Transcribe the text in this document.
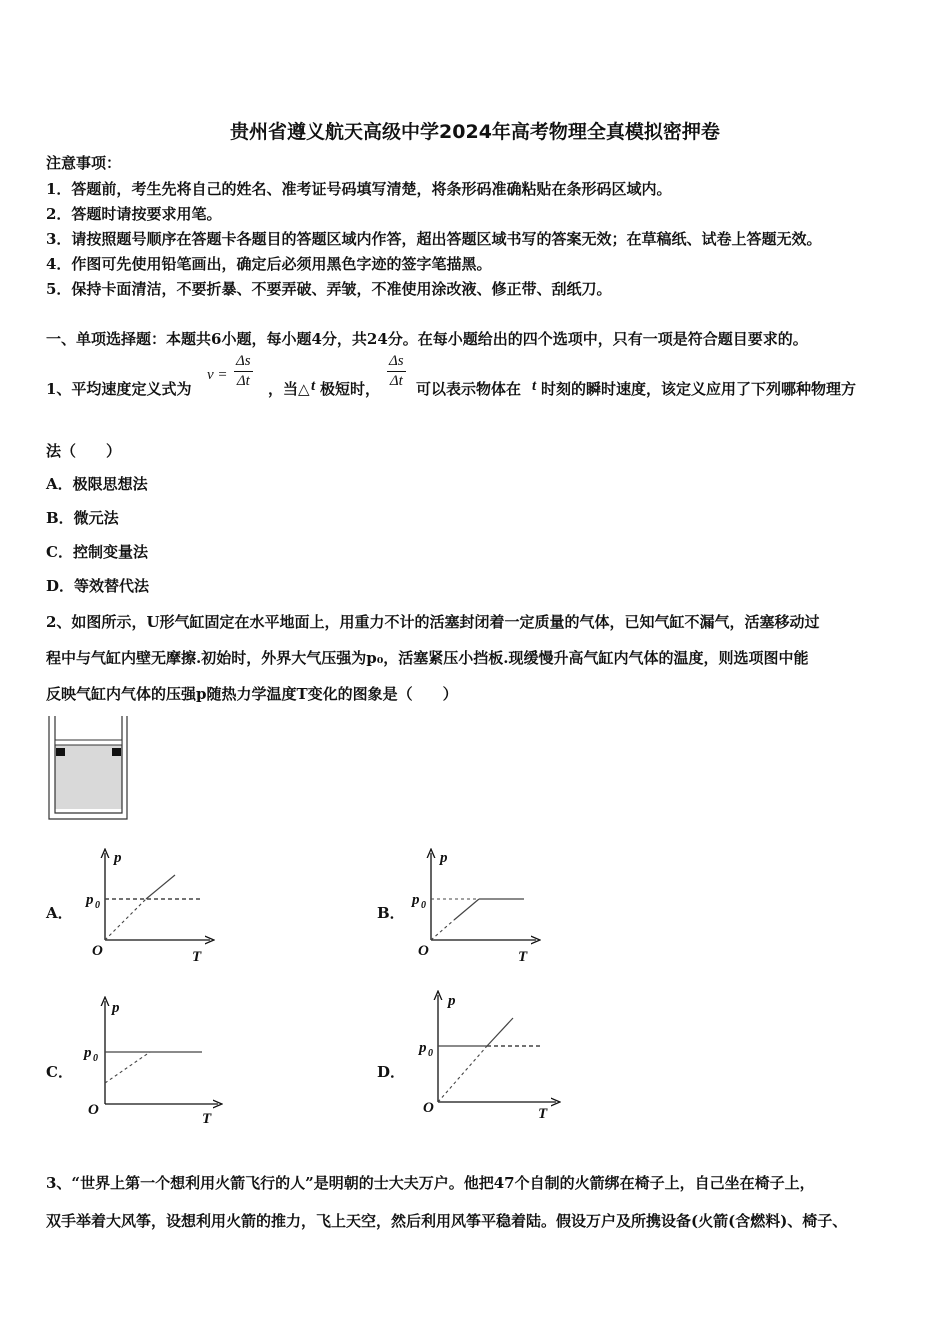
贵州省遵义航天高级中学2024年高考物理全真模拟密押卷
注意事项：
1．答题前，考生先将自己的姓名、准考证号码填写清楚，将条形码准确粘贴在条形码区域内。
2．答题时请按要求用笔。
3．请按照题号顺序在答题卡各题目的答题区域内作答，超出答题区域书写的答案无效；在草稿纸、试卷上答题无效。
4．作图可先使用铅笔画出，确定后必须用黑色字迹的签字笔描黑。
5．保持卡面清洁，不要折暴、不要弄破、弄皱，不准使用涂改液、修正带、刮纸刀。
一、单项选择题：本题共6小题，每小题4分，共24分。在每小题给出的四个选项中，只有一项是符合题目要求的。
1、平均速度定义式为
$v = \frac{\Delta s}{\Delta t}$ ，当△ t 极短时， $\frac{\Delta s}{\Delta t}$ 可以表示物体在 t 时刻的瞬时速度，该定义应用了下列哪种物理方
法（　　）
A．极限思想法
B．微元法
C．控制变量法
D．等效替代法
2、如图所示，U形气缸固定在水平地面上，用重力不计的活塞封闭着一定质量的气体，已知气缸不漏气，活塞移动过
程中与气缸内壁无摩擦.初始时，外界大气压强为p₀，活塞紧压小挡板.现缓慢升高气缸内气体的温度，则选项图中能
反映气缸内气体的压强p随热力学温度T变化的图象是（　　）
A．	B．
C．	D．
p
T
O
p 0
p
T
O
p 0
p
T
O
p 0
p
T
O
p 0
3、“世界上第一个想利用火箭飞行的人”是明朝的士大夫万户。他把47个自制的火箭绑在椅子上，自己坐在椅子上，
双手举着大风筝，设想利用火箭的推力，飞上天空，然后利用风筝平稳着陆。假设万户及所携设备(火箭(含燃料)、椅子、
